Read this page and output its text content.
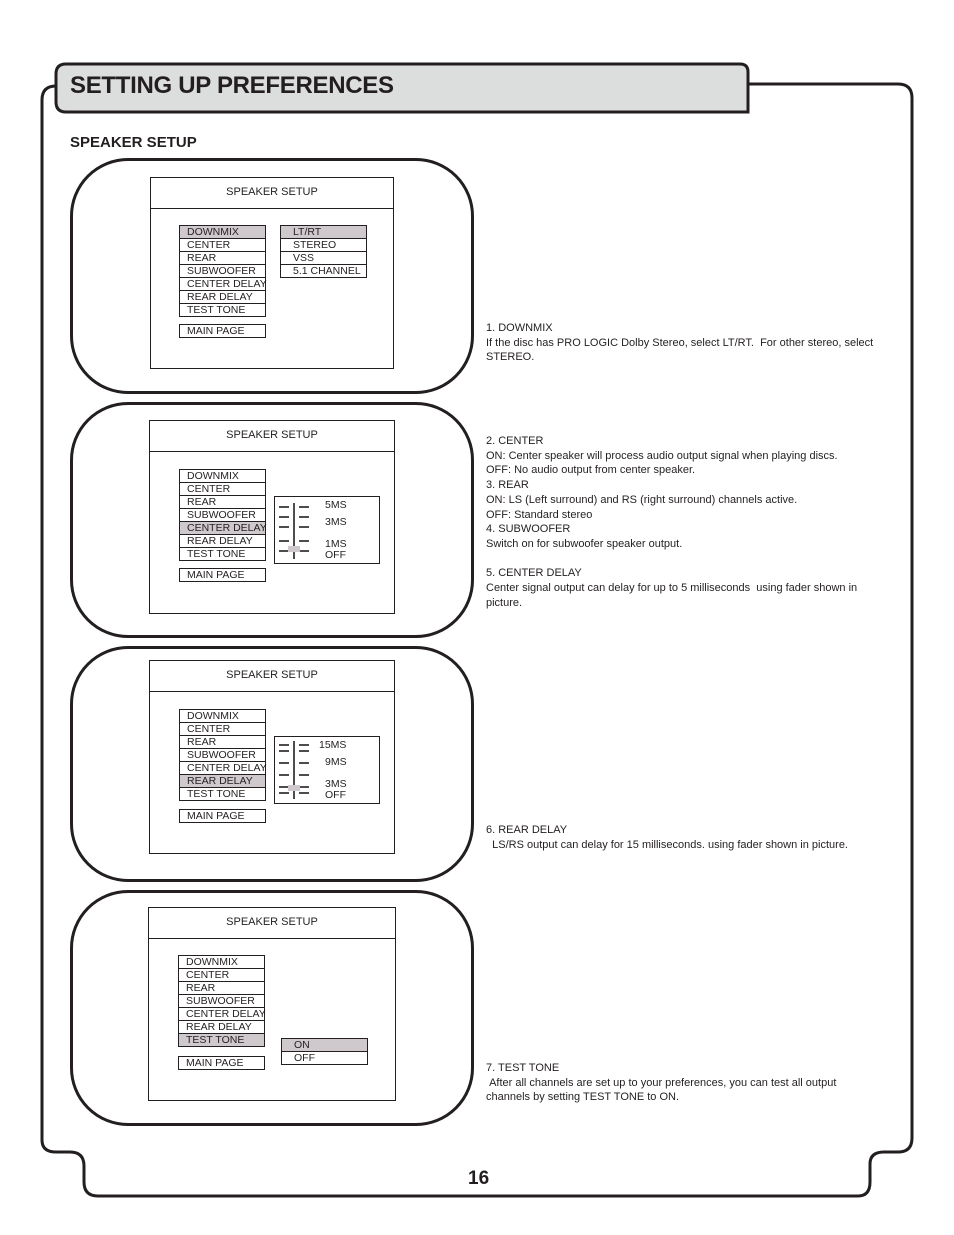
SETTING UP PREFERENCES
SPEAKER SETUP
SPEAKER SETUP
DOWNMIX
CENTER
REAR
SUBWOOFER
CENTER DELAY
REAR DELAY
TEST TONE
MAIN PAGE
LT/RT
STEREO
VSS
5.1 CHANNEL
SPEAKER SETUP
DOWNMIX
CENTER
REAR
SUBWOOFER
CENTER DELAY
REAR DELAY
TEST TONE
MAIN PAGE
5MS
3MS
1MS
OFF
SPEAKER SETUP
DOWNMIX
CENTER
REAR
SUBWOOFER
CENTER DELAY
REAR DELAY
TEST TONE
MAIN PAGE
15MS
9MS
3MS
OFF
SPEAKER SETUP
DOWNMIX
CENTER
REAR
SUBWOOFER
CENTER DELAY
REAR DELAY
TEST TONE
MAIN PAGE
ON
OFF
1. DOWNMIX
If the disc has PRO LOGIC Dolby Stereo, select LT/RT.  For other stereo, select
STEREO.
2. CENTER
ON: Center speaker will process audio output signal when playing discs.
OFF: No audio output from center speaker.
3. REAR
ON: LS (Left surround) and RS (right surround) channels active.
OFF: Standard stereo
4. SUBWOOFER
Switch on for subwoofer speaker output.
5. CENTER DELAY
Center signal output can delay for up to 5 milliseconds  using fader shown in
picture.
6. REAR DELAY
LS/RS output can delay for 15 milliseconds. using fader shown in picture.
7. TEST TONE
After all channels are set up to your preferences, you can test all output
channels by setting TEST TONE to ON.
16
